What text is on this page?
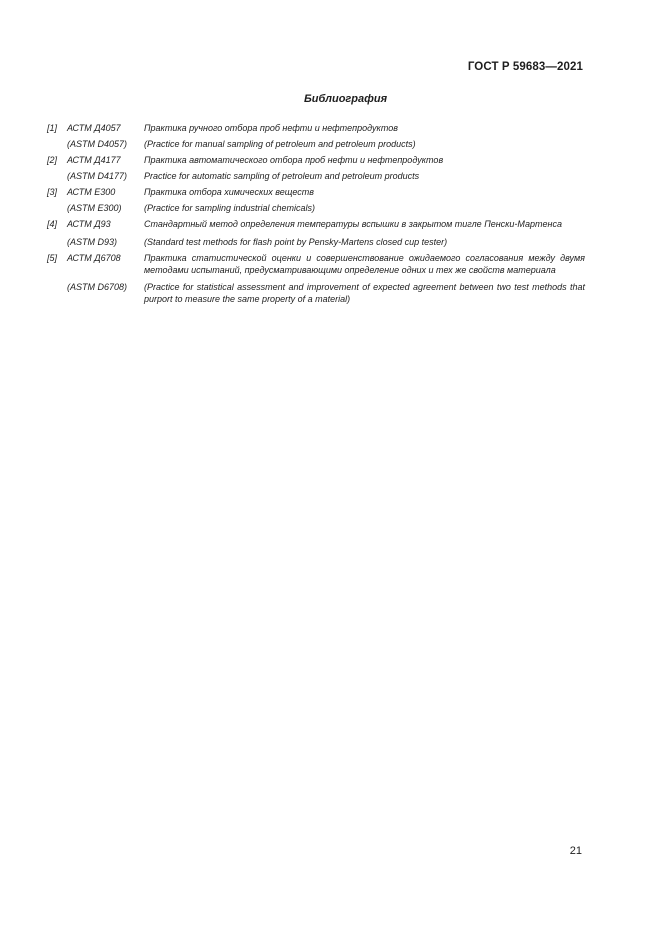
ГОСТ Р 59683—2021
Библиография
[1] АСТМ Д4057	Практика ручного отбора проб нефти и нефтепродуктов
(ASTM D4057) (Practice for manual sampling of petroleum and petroleum products)
[2] АСТМ Д4177	Практика автоматического отбора проб нефти и нефтепродуктов
(ASTM D4177) Practice for automatic sampling of petroleum and petroleum products
[3] АСТМ Е300	Практика отбора химических веществ
(ASTM E300) (Practice for sampling industrial chemicals)
[4] АСТМ Д93	Стандартный метод определения температуры вспышки в закрытом тигле Пенски-Мартенса
(ASTM D93)	(Standard test methods for flash point by Pensky-Martens closed cup tester)
[5] АСТМ Д6708	Практика статистической оценки и совершенствование ожидаемого согласования между двумя методами испытаний, предусматривающими определение одних и тех же свойств материала
(ASTM D6708) (Practice for statistical assessment and improvement of expected agreement between two test methods that purport to measure the same property of a material)
21
